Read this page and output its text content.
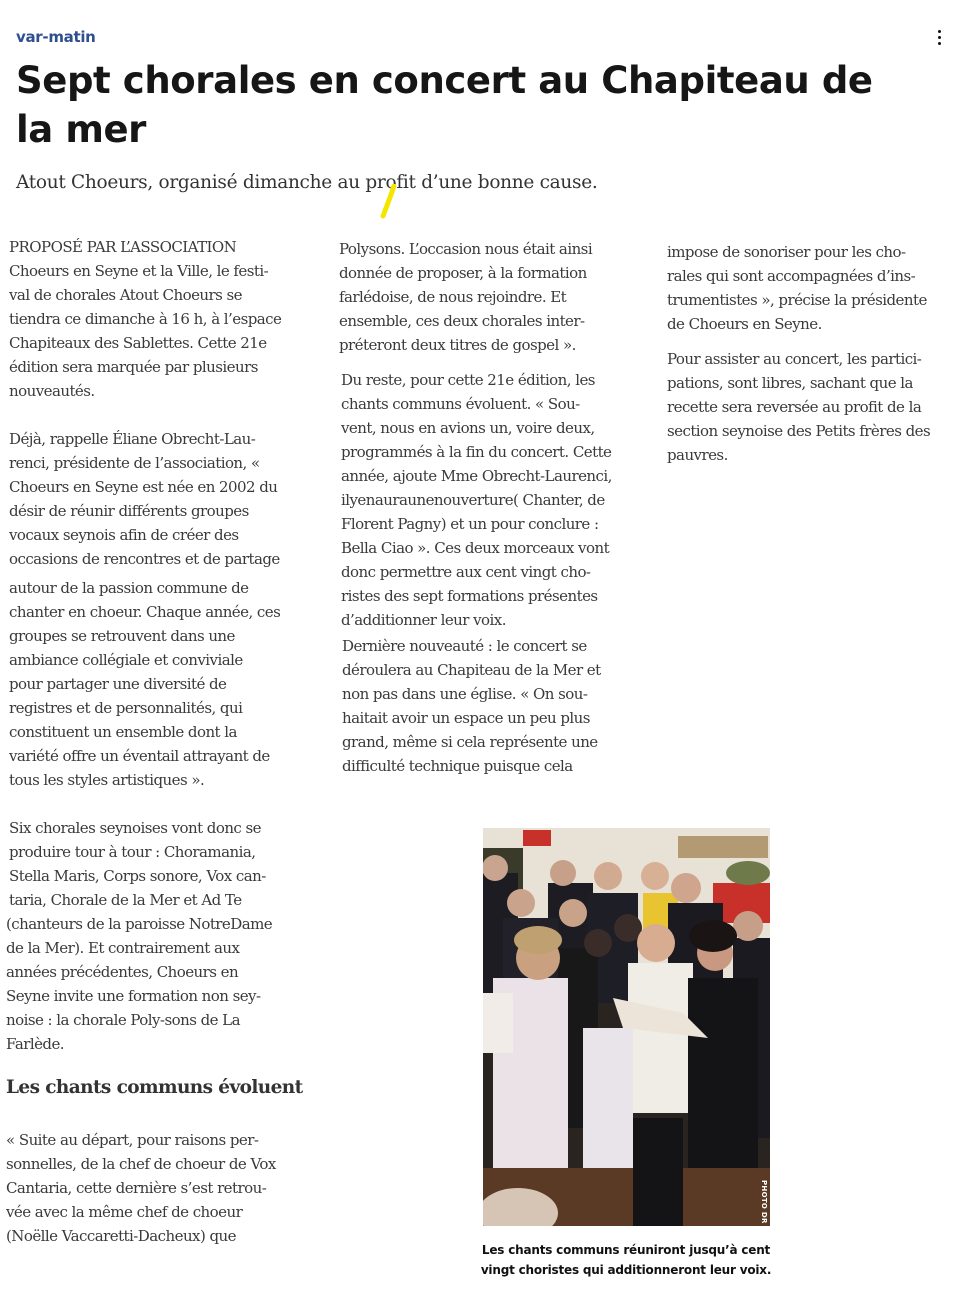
var-matin
Sept chorales en concert au Chapiteau de la mer

Atout Choeurs, organisé dimanche au profit d’une bonne cause.

PROPOSÉ PAR L’ASSOCIATION
Choeurs en Seyne et la Ville, le festi-
val de chorales Atout Choeurs se
tiendra ce dimanche à 16 h, à l’espace
Chapiteaux des Sablettes. Cette 21e
édition sera marquée par plusieurs
nouveautés.

Déjà, rappelle Éliane Obrecht-Lau-
renci, présidente de l’association, «
Choeurs en Seyne est née en 2002 du
désir de réunir différents groupes
vocaux seynois afin de créer des
occasions de rencontres et de partage

autour de la passion commune de
chanter en choeur. Chaque année, ces
groupes se retrouvent dans une
ambiance collégiale et conviviale
pour partager une diversité de
registres et de personnalités, qui
constituent un ensemble dont la
variété offre un éventail attrayant de
tous les styles artistiques ».

Six chorales seynoises vont donc se
produire tour à tour : Choramania,
Stella Maris, Corps sonore, Vox can-
taria, Chorale de la Mer et Ad Te

(chanteurs de la paroisse NotreDame
de la Mer). Et contrairement aux
années précédentes, Choeurs en
Seyne invite une formation non sey-
noise : la chorale Poly-sons de La
Farlède.

Les chants communs évoluent

« Suite au départ, pour raisons per-
sonnelles, de la chef de choeur de Vox
Cantaria, cette dernière s’est retrou-
vée avec la même chef de choeur
(Noëlle Vaccaretti-Dacheux) que

Polysons. L’occasion nous était ainsi
donnée de proposer, à la formation
farlédoise, de nous rejoindre. Et
ensemble, ces deux chorales inter-
préteront deux titres de gospel ».

Du reste, pour cette 21e édition, les
chants communs évoluent. « Sou-
vent, nous en avions un, voire deux,
programmés à la fin du concert. Cette
année, ajoute Mme Obrecht-Laurenci,
ilyenauraunenouverture( Chanter, de
Florent Pagny) et un pour conclure :
Bella Ciao ». Ces deux morceaux vont
donc permettre aux cent vingt cho-
ristes des sept formations présentes
d’additionner leur voix.

Dernière nouveauté : le concert se
déroulera au Chapiteau de la Mer et
non pas dans une église. « On sou-
haitait avoir un espace un peu plus
grand, même si cela représente une
difficulté technique puisque cela

impose de sonoriser pour les cho-
rales qui sont accompagnées d’ins-
trumentistes », précise la présidente
de Choeurs en Seyne.

Pour assister au concert, les partici-
pations, sont libres, sachant que la
recette sera reversée au profit de la
section seynoise des Petits frères des
pauvres.

PHOTO DR

Les chants communs réuniront jusqu’à cent vingt choristes qui additionneront leur voix.
